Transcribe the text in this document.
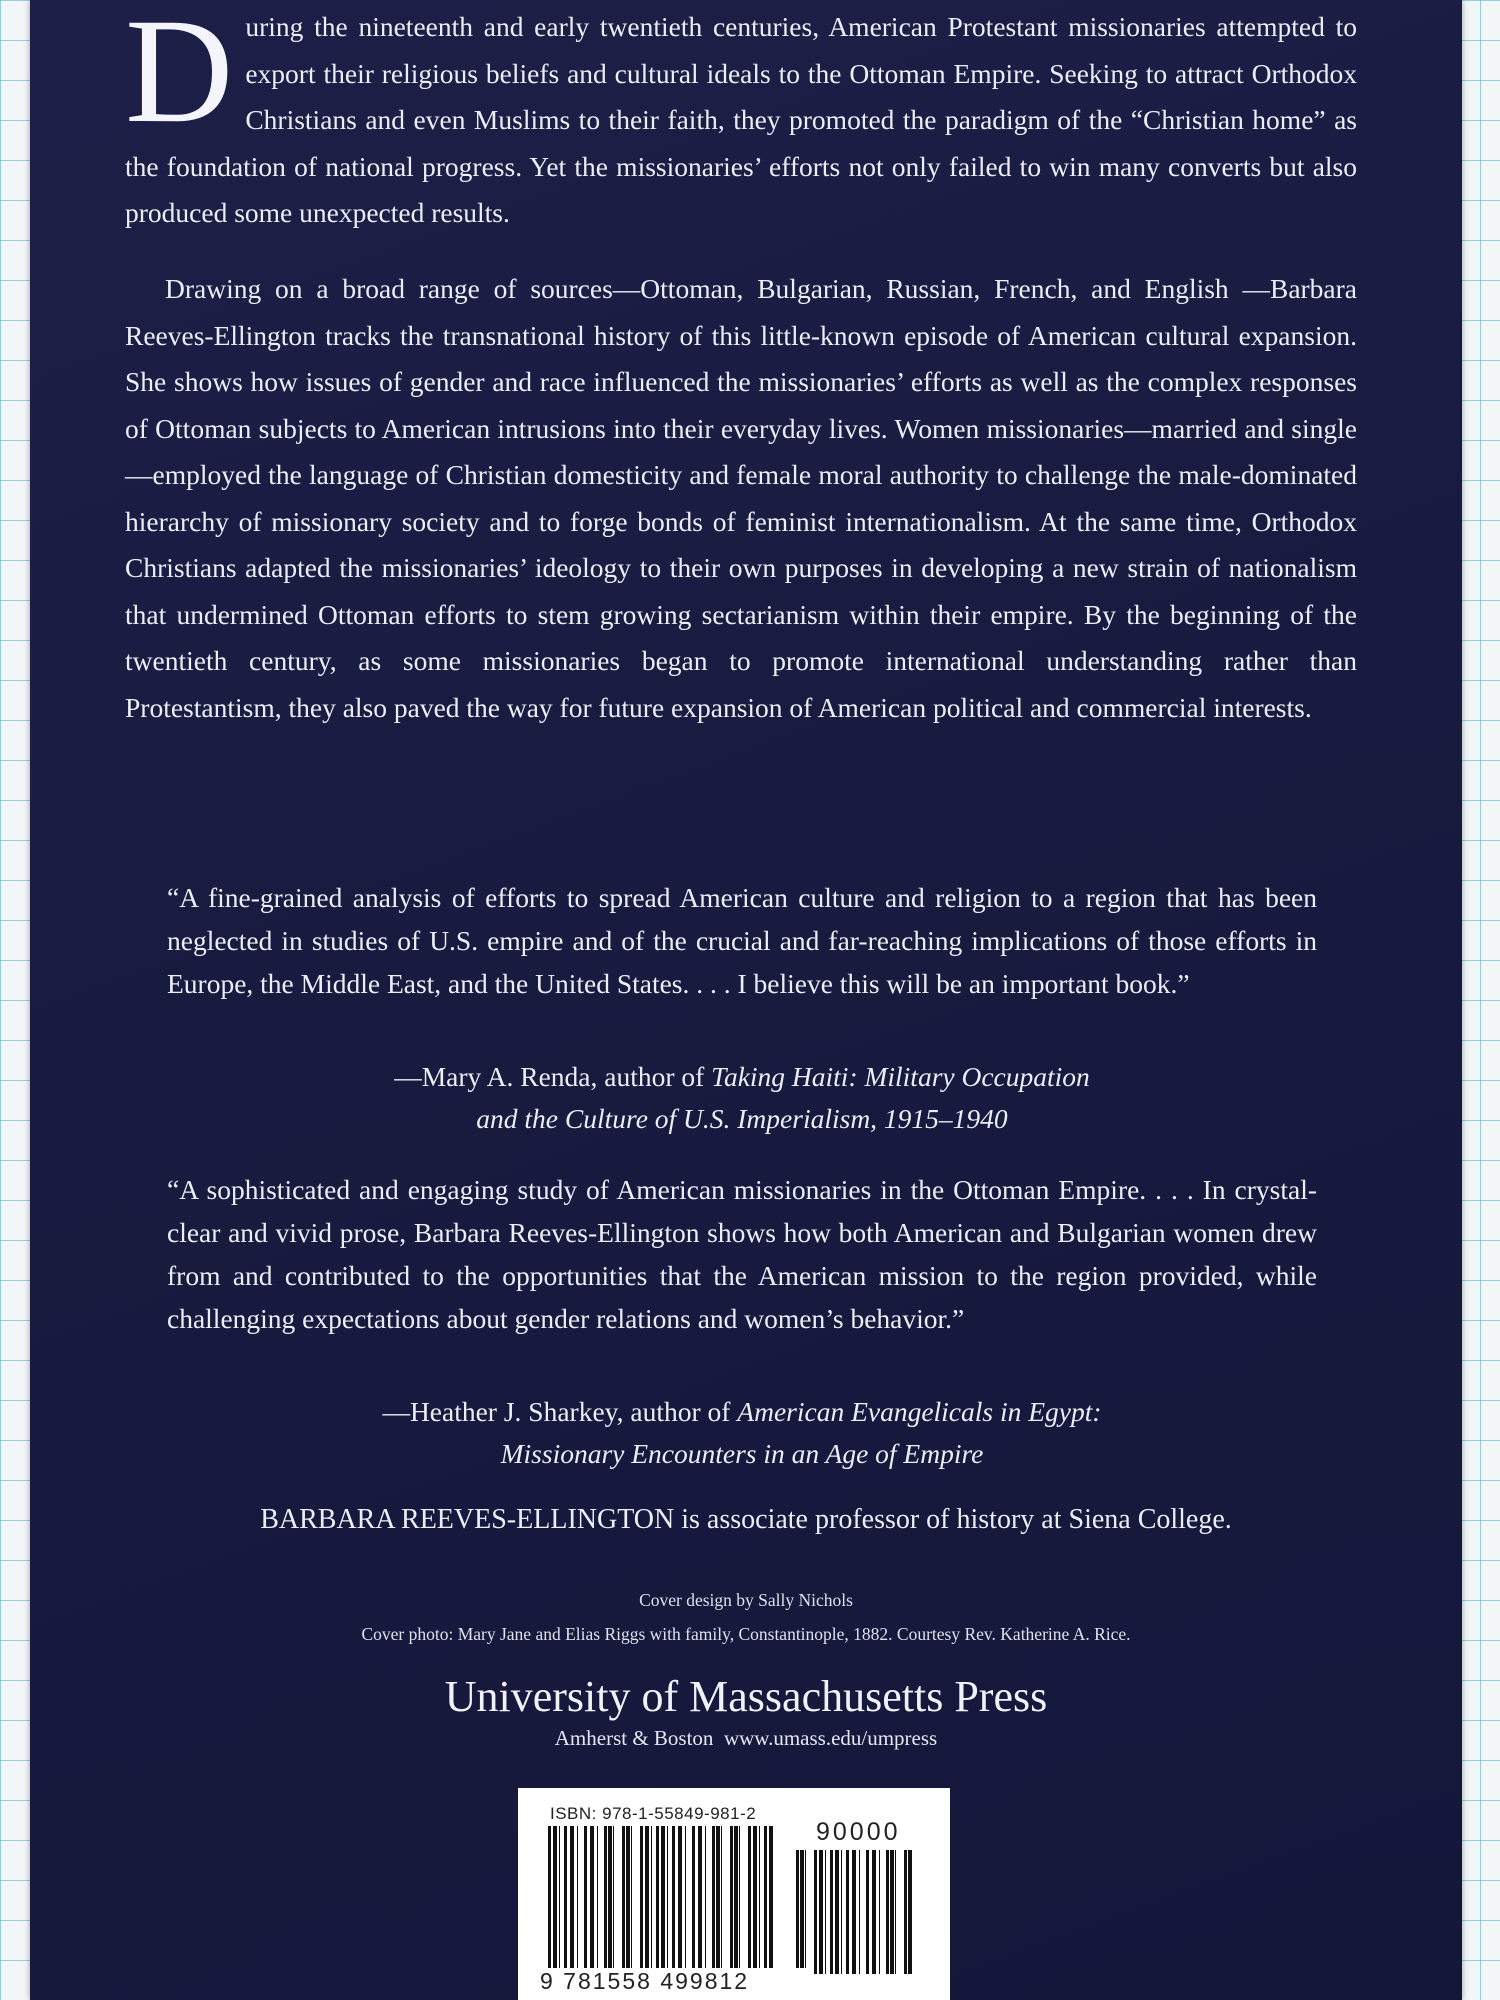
During the nineteenth and early twentieth centuries, American Protestant missionaries attempted to export their religious beliefs and cultural ideals to the Ottoman Empire. Seeking to attract Orthodox Christians and even Muslims to their faith, they promoted the paradigm of the “Christian home” as the foundation of national progress. Yet the missionaries’ efforts not only failed to win many converts but also produced some unexpected results.

Drawing on a broad range of sources—Ottoman, Bulgarian, Russian, French, and English —Barbara Reeves-Ellington tracks the transnational history of this little-known episode of American cultural expansion. She shows how issues of gender and race influenced the missionaries’ efforts as well as the complex responses of Ottoman subjects to American intrusions into their everyday lives. Women missionaries—married and single—employed the language of Christian domesticity and female moral authority to challenge the male-dominated hierarchy of missionary society and to forge bonds of feminist internationalism. At the same time, Orthodox Christians adapted the missionaries’ ideology to their own purposes in developing a new strain of nationalism that undermined Ottoman efforts to stem growing sectarianism within their empire. By the beginning of the twentieth century, as some missionaries began to promote international understanding rather than Protestantism, they also paved the way for future expansion of American political and commercial interests.

“A fine-grained analysis of efforts to spread American culture and religion to a region that has been neglected in studies of U.S. empire and of the crucial and far-reaching implications of those efforts in Europe, the Middle East, and the United States. . . . I believe this will be an important book.”

—Mary A. Renda, author of Taking Haiti: Military Occupation
and the Culture of U.S. Imperialism, 1915–1940

“A sophisticated and engaging study of American missionaries in the Ottoman Empire. . . . In crystal-clear and vivid prose, Barbara Reeves-Ellington shows how both American and Bulgarian women drew from and contributed to the opportunities that the American mission to the region provided, while challenging expectations about gender relations and women’s behavior.”

—Heather J. Sharkey, author of American Evangelicals in Egypt:
Missionary Encounters in an Age of Empire

BARBARA REEVES-ELLINGTON is associate professor of history at Siena College.

Cover design by Sally Nichols

Cover photo: Mary Jane and Elias Riggs with family, Constantinople, 1882. Courtesy Rev. Katherine A. Rice.

University of Massachusetts Press

Amherst & Boston www.umass.edu/umpress

ISBN: 978-1-55849-981-2
90000
9 781558 499812
